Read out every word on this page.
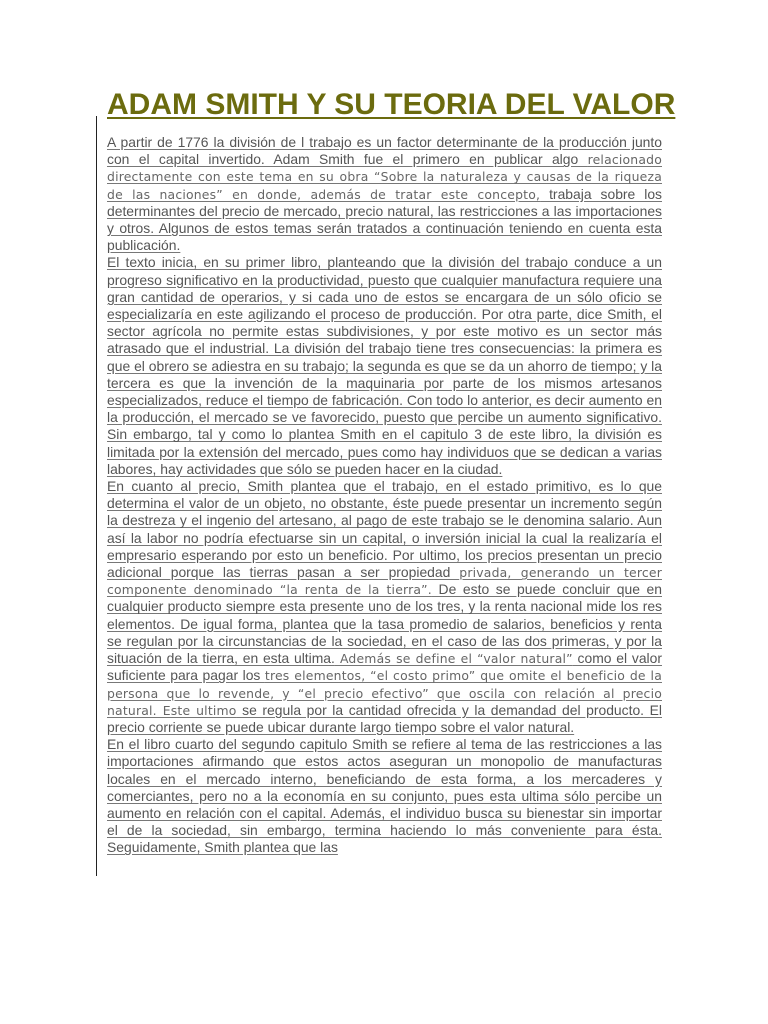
ADAM SMITH Y SU TEORIA DEL VALOR

A partir de 1776 la división de l trabajo es un factor determinante de la producción junto con el capital invertido. Adam Smith fue el primero en publicar algo relacionado directamente con este tema en su obra “Sobre la naturaleza y causas de la riqueza de las naciones” en donde, además de tratar este concepto, trabaja sobre los determinantes del precio de mercado, precio natural, las restricciones a las importaciones y otros. Algunos de estos temas serán tratados a continuación teniendo en cuenta esta publicación.

El texto inicia, en su primer libro, planteando que la división del trabajo conduce a un progreso significativo en la productividad, puesto que cualquier manufactura requiere una gran cantidad de operarios, y si cada uno de estos se encargara de un sólo oficio se especializaría en este agilizando el proceso de producción. Por otra parte, dice Smith, el sector agrícola no permite estas subdivisiones, y por este motivo es un sector más atrasado que el industrial. La división del trabajo tiene tres consecuencias: la primera es que el obrero se adiestra en su trabajo; la segunda es que se da un ahorro de tiempo; y la tercera es que la invención de la maquinaria por parte de los mismos artesanos especializados, reduce el tiempo de fabricación. Con todo lo anterior, es decir aumento en la producción, el mercado se ve favorecido, puesto que percibe un aumento significativo. Sin embargo, tal y como lo plantea Smith en el capitulo 3 de este libro, la división es limitada por la extensión del mercado, pues como hay individuos que se dedican a varias labores, hay actividades que sólo se pueden hacer en la ciudad.

En cuanto al precio, Smith plantea que el trabajo, en el estado primitivo, es lo que determina el valor de un objeto, no obstante, éste puede presentar un incremento según la destreza y el ingenio del artesano, al pago de este trabajo se le denomina salario. Aun así la labor no podría efectuarse sin un capital, o inversión inicial la cual la realizaría el empresario esperando por esto un beneficio. Por ultimo, los precios presentan un precio adicional porque las tierras pasan a ser propiedad privada, generando un tercer componente denominado “la renta de la tierra”. De esto se puede concluir que en cualquier producto siempre esta presente uno de los tres, y la renta nacional mide los res elementos. De igual forma, plantea que la tasa promedio de salarios, beneficios y renta se regulan por la circunstancias de la sociedad, en el caso de las dos primeras, y por la situación de la tierra, en esta ultima. Además se define el “valor natural” como el valor suficiente para pagar los tres elementos, “el costo primo” que omite el beneficio de la persona que lo revende, y “el precio efectivo” que oscila con relación al precio natural. Este ultimo se regula por la cantidad ofrecida y la demandad del producto. El precio corriente se puede ubicar durante largo tiempo sobre el valor natural.

En el libro cuarto del segundo capitulo Smith se refiere al tema de las restricciones a las importaciones afirmando que estos actos aseguran un monopolio de manufacturas locales en el mercado interno, beneficiando de esta forma, a los mercaderes y comerciantes, pero no a la economía en su conjunto, pues esta ultima sólo percibe un aumento en relación con el capital. Además, el individuo busca su bienestar sin importar el de la sociedad, sin embargo, termina haciendo lo más conveniente para ésta. Seguidamente, Smith plantea que las
